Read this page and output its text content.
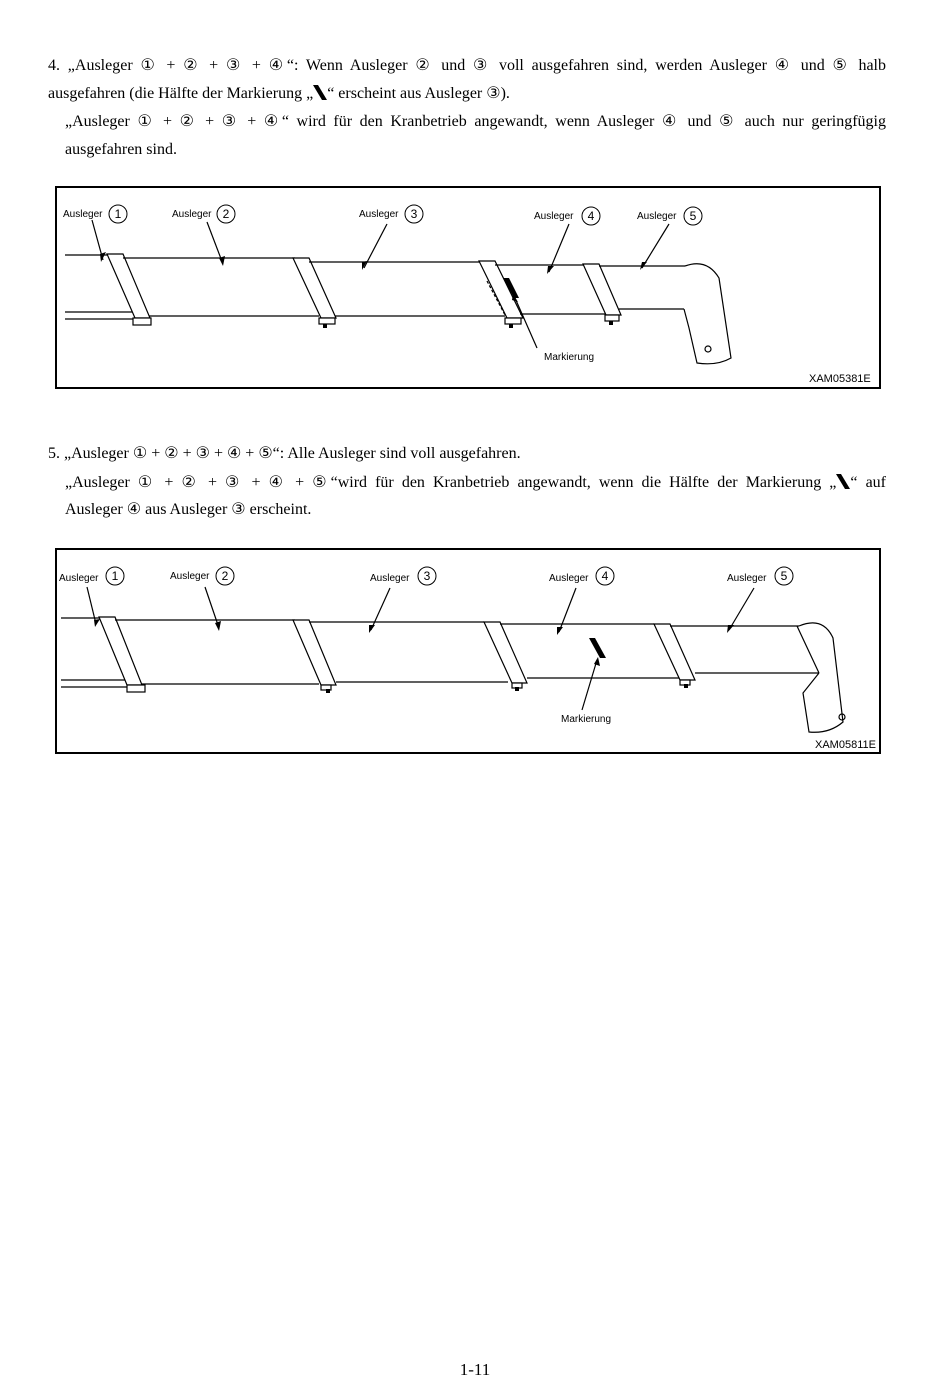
4. „Ausleger ① + ② + ③ + ④“: Wenn Ausleger ② und ③ voll ausgefahren sind, werden Ausleger ④ und ⑤ halb
ausgefahren (die Hälfte der Markierung „ “ erscheint aus Ausleger ③).
„Ausleger ① + ② + ③ + ④“ wird für den Kranbetrieb angewandt, wenn Ausleger ④ und ⑤ auch nur geringfügig
ausgefahren sind.
Ausleger 1	Ausleger 2	Ausleger 3	Ausleger 4	Ausleger 5
Markierung
XAM05381E
5. „Ausleger ① + ② + ③ + ④ + ⑤“: Alle Ausleger sind voll ausgefahren.
„Ausleger ① + ② + ③ + ④ + ⑤“wird für den Kranbetrieb angewandt, wenn die Hälfte der Markierung „ “ auf
Ausleger ④ aus Ausleger ③ erscheint.
Ausleger 1	Ausleger 2	Ausleger 3	Ausleger 4	Ausleger 5
Markierung
XAM05811E
1-11
